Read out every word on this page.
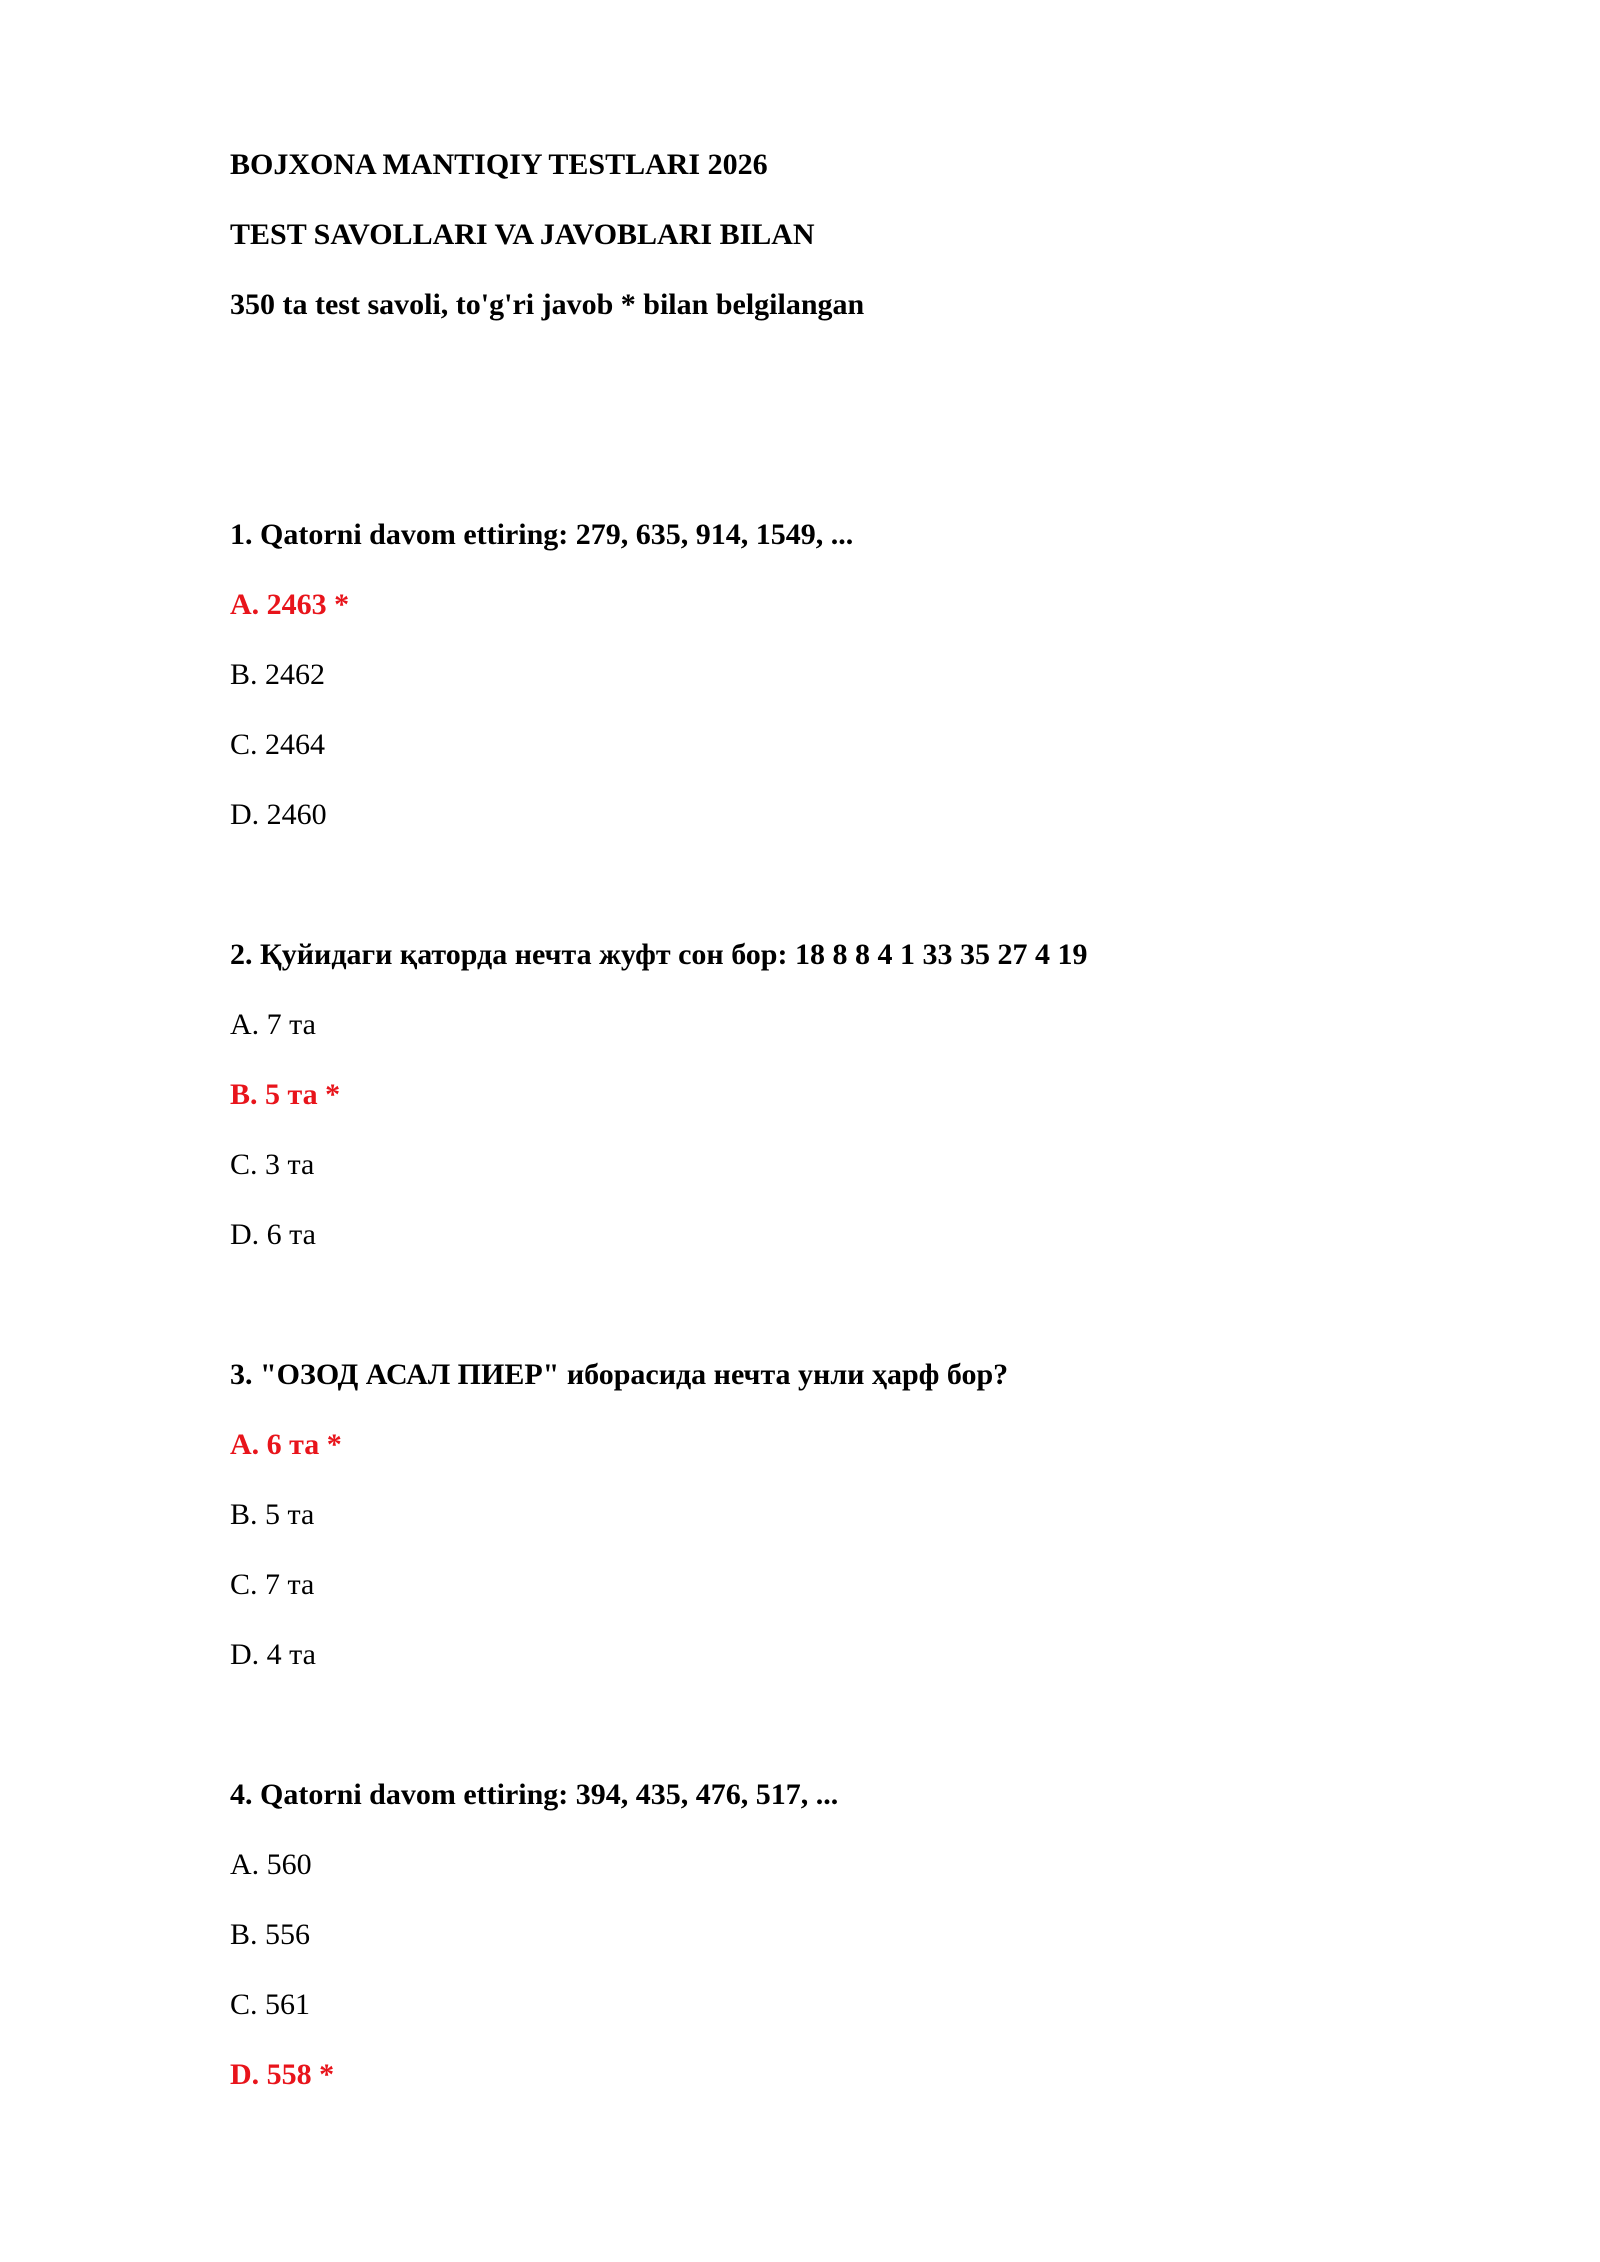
BOJXONA MANTIQIY TESTLARI 2026
TEST SAVOLLARI VA JAVOBLARI BILAN
350 ta test savoli, to'g'ri javob * bilan belgilangan
1. Qatorni davom ettiring: 279, 635, 914, 1549, ...
A. 2463 *
B. 2462
C. 2464
D. 2460
2. Қуйидаги қаторда нечта жуфт сон бор: 18 8 8 4 1 33 35 27 4 19
A. 7 та
B. 5 та *
C. 3 та
D. 6 та
3. "ОЗОД АСАЛ ПИЕР" иборасида нечта унли ҳарф бор?
A. 6 та *
B. 5 та
C. 7 та
D. 4 та
4. Qatorni davom ettiring: 394, 435, 476, 517, ...
A. 560
B. 556
C. 561
D. 558 *
